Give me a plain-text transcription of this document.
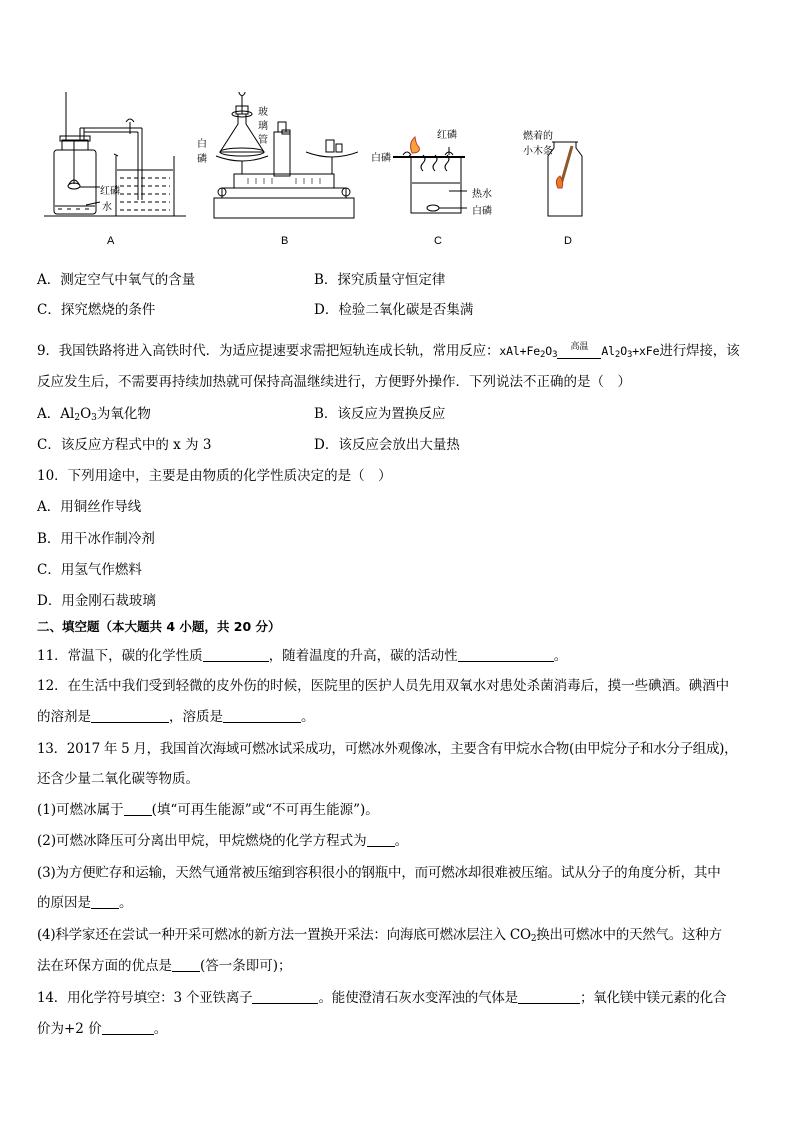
红磷
水
A
玻
璃
管
白
磷
B
红磷
白磷
热水
白磷
C
燃着的
小木条
D
A．测定空气中氧气的含量	B．探究质量守恒定律
C．探究燃烧的条件	D．检验二氧化碳是否集满
9．我国铁路将进入高铁时代．为适应提速要求需把短轨连成长轨，常用反应：$xAl+Fe_2O_3$高温 $Al_2O_3+xFe$进行焊接，该
反应发生后，不需要再持续加热就可保持高温继续进行，方便野外操作．下列说法不正确的是（　）
A．$Al_2O_3$为氧化物	B．该反应为置换反应
C．该反应方程式中的 x 为 3	D．该反应会放出大量热
10．下列用途中，主要是由物质的化学性质决定的是（　）
A．用铜丝作导线
B．用干冰作制冷剂
C．用氢气作燃料
D．用金刚石裁玻璃
二、填空题（本大题共 4 小题，共 20 分）
11．常温下，碳的化学性质	，随着温度的升高，碳的活动性	。
12．在生活中我们受到轻微的皮外伤的时候，医院里的医护人员先用双氧水对患处杀菌消毒后，摸一些碘酒。碘酒中
的溶剂是	，溶质是	。
13．2017 年 5 月，我国首次海域可燃冰试采成功，可燃冰外观像冰，主要含有甲烷水合物(由甲烷分子和水分子组成)，
还含少量二氧化碳等物质。
(1)可燃冰属于 (填“可再生能源”或“不可再生能源”)。
(2)可燃冰降压可分离出甲烷，甲烷燃烧的化学方程式为 。
(3)为方便贮存和运输，天然气通常被压缩到容积很小的钢瓶中，而可燃冰却很难被压缩。试从分子的角度分析，其中
的原因是 。
(4)科学家还在尝试一种开采可燃冰的新方法一置换开采法：向海底可燃冰层注入 $CO_2$换出可燃冰中的天然气。这种方
法在环保方面的优点是 (答一条即可)；
14．用化学符号填空：3 个亚铁离子	。能使澄清石灰水变浑浊的气体是	；氧化镁中镁元素的化合
价为+2 价	。
